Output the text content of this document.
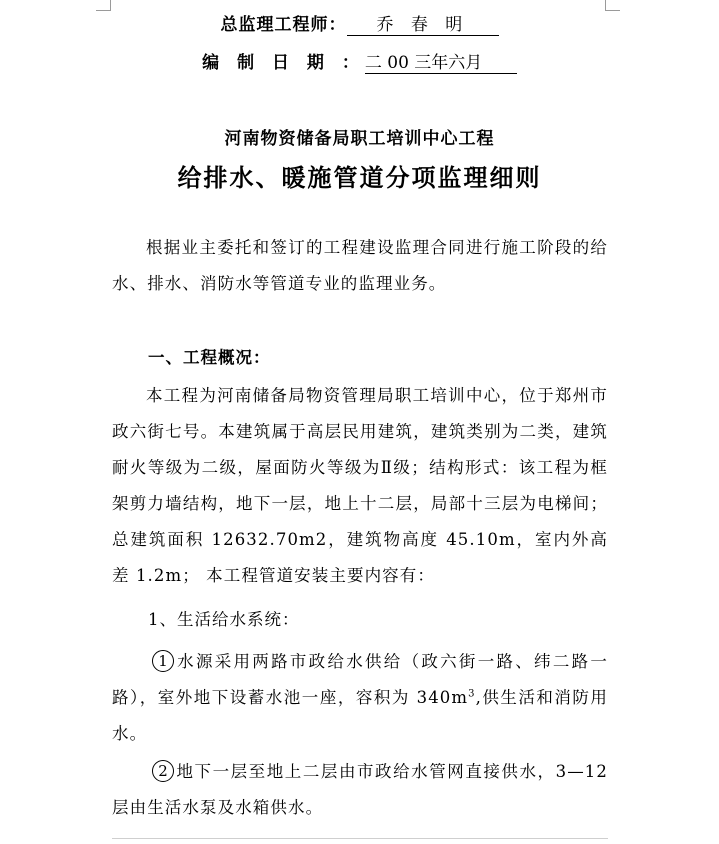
总监理工程师： 乔 春 明
编 制 日 期 ：二 00 三年六月
河南物资储备局职工培训中心工程
给排水、暖施管道分项监理细则
根据业主委托和签订的工程建设监理合同进行施工阶段的给水、排水、消防水等管道专业的监理业务。
一、工程概况：
本工程为河南储备局物资管理局职工培训中心，位于郑州市政六街七号。本建筑属于高层民用建筑，建筑类别为二类，建筑耐火等级为二级，屋面防火等级为Ⅱ级；结构形式：该工程为框架剪力墙结构，地下一层，地上十二层，局部十三层为电梯间；总建筑面积 12632.70m2，建筑物高度 45.10m，室内外高差 1.2m； 本工程管道安装主要内容有：
1、生活给水系统：
1 水源采用两路市政给水供给（政六街一路、纬二路一路），室外地下设蓄水池一座，容积为 $340m^3$,供生活和消防用水。
2 地下一层至地上二层由市政给水管网直接供水，3—12 层由生活水泵及水箱供水。
